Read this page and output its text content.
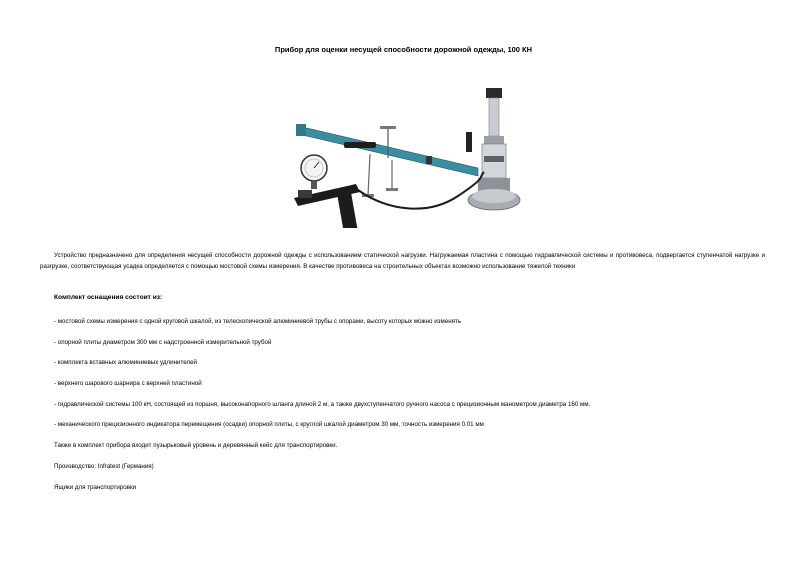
Прибор для оценки несущей способности дорожной одежды, 100 КН
Устройство предназначено для определения несущей способности дорожной одежды с использованием статической нагрузки. Нагружаемая пластина с помощью гидравлической системы и противовеса, подвергается ступенчатой нагрузке и разгрузке, соответствующая усадка определяется с помощью мостовой схемы измерения. В качестве противовеса на строительных объектах возможно использование тяжелой техники
Комплект оснащения состоит из:
- мостовой схемы измерения с одной круговой шкалой, из телескопической алюминиевой трубы с опорами, высоту которых можно изменять
- опорной плиты диаметром 300 мм с надстроенной измерительной трубой
- комплекта вставных алюминиевых удлинителей
- верхнего шарового шарнира с верхней пластиной
- гидравлической системы 100 кН, состоящей из поршня, высоконапорного шланга длиной 2 м, а также двухступенчатого ручного насоса с прецизионным манометром диаметра 160 мм.
- механического прецизионного индикатора перемещения (осадки) опорной плиты, с круглой шкалой диаметром 30 мм, точность измерения 0.01 мм
Также в комплект прибора входит пузырьковый уровень и деревянный кейс для транспортировки.
Производство: Infratest (Германия)
Ящики для транспортировки
